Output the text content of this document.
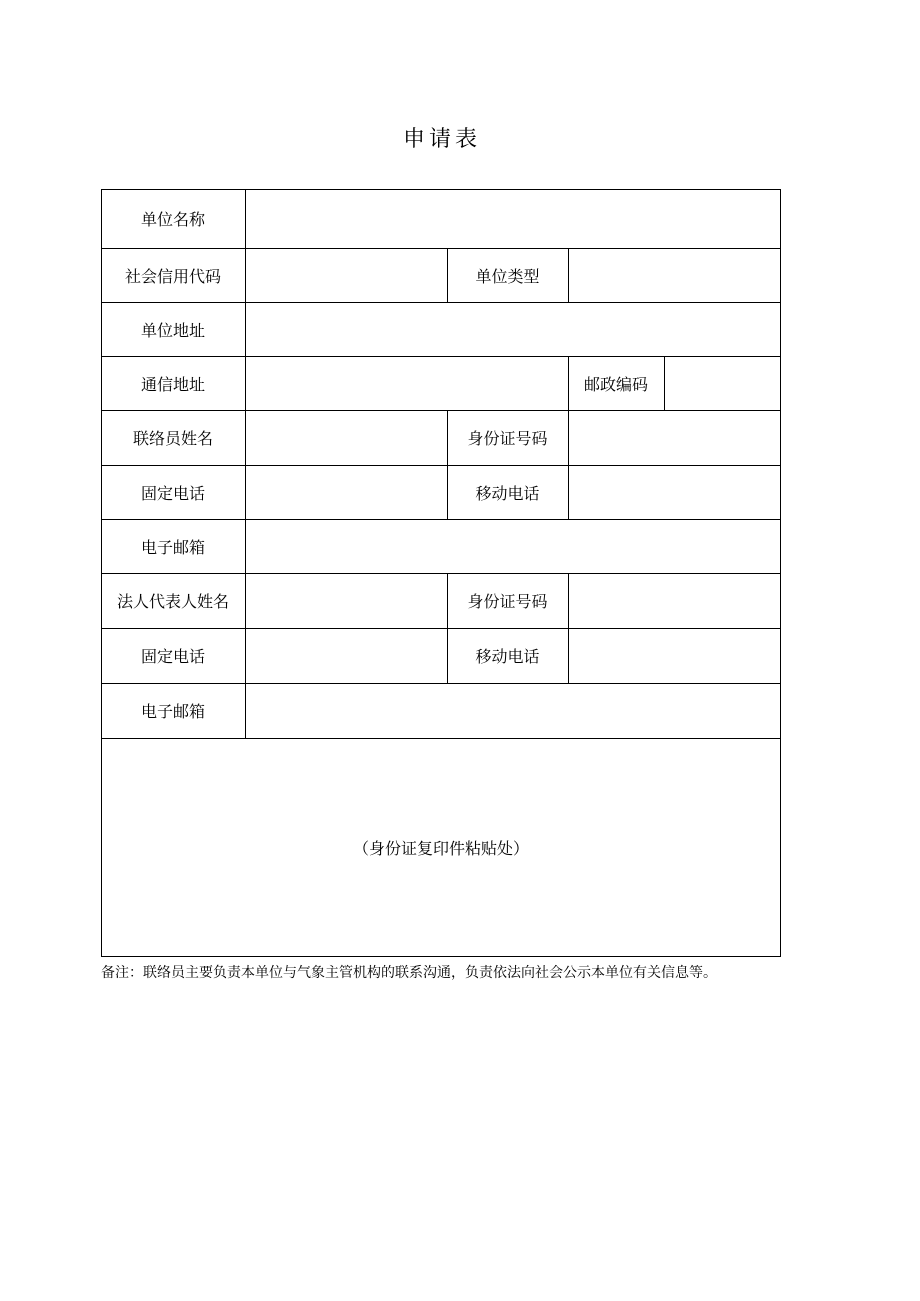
申请表
单位名称
社会信用代码	单位类型
单位地址
通信地址	邮政编码
联络员姓名	身份证号码
固定电话	移动电话
电子邮箱
法人代表人姓名	身份证号码
固定电话	移动电话
电子邮箱
（身份证复印件粘贴处）
备注：联络员主要负责本单位与气象主管机构的联系沟通，负责依法向社会公示本单位有关信息等。
